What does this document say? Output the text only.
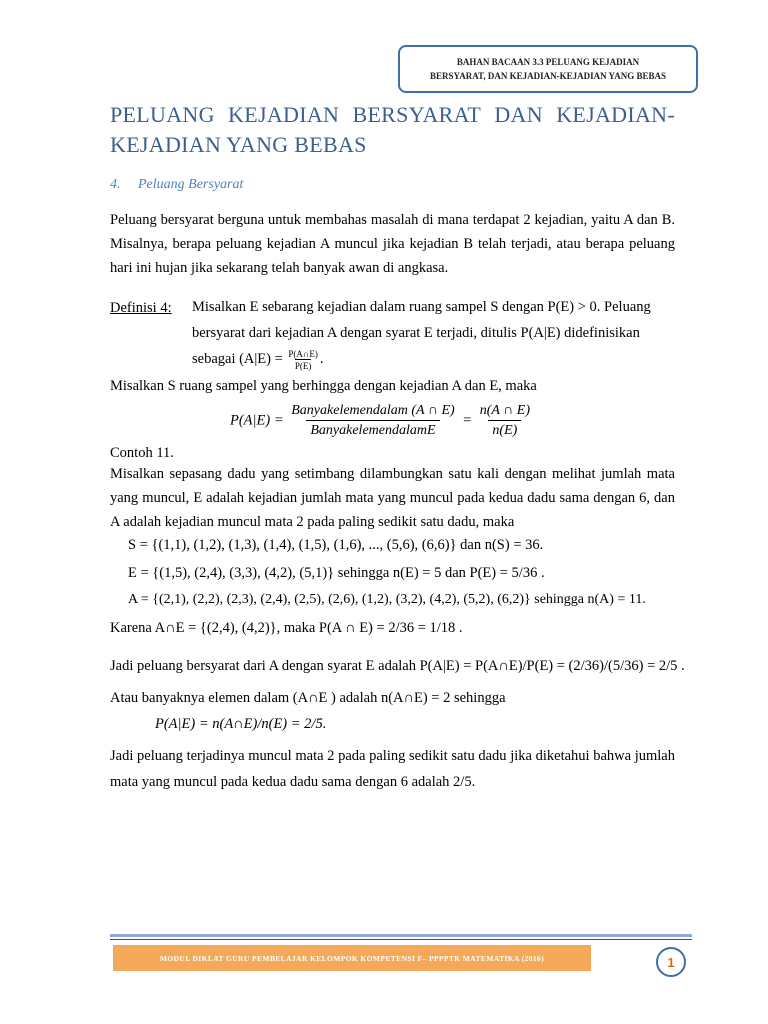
BAHAN BACAAN 3.3 PELUANG KEJADIAN
BERSYARAT, DAN KEJADIAN-KEJADIAN YANG BEBAS
PELUANG KEJADIAN BERSYARAT DAN KEJADIAN-
KEJADIAN YANG BEBAS
4. Peluang Bersyarat
Peluang bersyarat berguna untuk membahas masalah di mana terdapat 2 kejadian, yaitu A dan B. Misalnya, berapa peluang kejadian A muncul jika kejadian B telah terjadi, atau berapa peluang hari ini hujan jika sekarang telah banyak awan di angkasa.
Definisi 4: Misalkan E sebarang kejadian dalam ruang sampel S dengan P(E) > 0. Peluang
bersyarat dari kejadian A dengan syarat E terjadi, ditulis P(A|E) didefinisikan
sebagai $(A|E) = \frac{P(A\cap E)}{P(E)}$ .
Misalkan S ruang sampel yang berhingga dengan kejadian A dan E, maka
P(A|E) =
Banyakelemendalam (A ∩ E)
BanyakelemendalamE
= $\frac{n(A \cap E)}{n(E)}$
Contoh 11.
Misalkan sepasang dadu yang setimbang dilambungkan satu kali dengan melihat jumlah mata yang muncul, E adalah kejadian jumlah mata yang muncul pada kedua dadu sama dengan 6, dan A adalah kejadian muncul mata 2 pada paling sedikit satu dadu, maka
S = {(1,1), (1,2), (1,3), (1,4), (1,5), (1,6), ..., (5,6), (6,6)} dan n(S) = 36.
E = {(1,5), (2,4), (3,3), (4,2), (5,1)} sehingga n(E) = 5 dan P(E) = 5/36 .
A = {(2,1), (2,2), (2,3), (2,4), (2,5), (2,6), (1,2), (3,2), (4,2), (5,2), (6,2)} sehingga n(A) = 11.
Karena A∩E = {(2,4), (4,2)}, maka P(A ∩ E) = 2/36 = 1/18 .
Jadi peluang bersyarat dari A dengan syarat E adalah P(A|E) = P(A∩E)/P(E) = (2/36)/(5/36) = 2/5 .
Atau banyaknya elemen dalam (A∩E ) adalah n(A∩E) = 2 sehingga
P(A|E) = n(A∩E)/n(E) = 2/5.
Jadi peluang terjadinya muncul mata 2 pada paling sedikit satu dadu jika diketahui bahwa jumlah mata yang muncul pada kedua dadu sama dengan 6 adalah 2/5.
MODUL DIKLAT GURU PEMBELAJAR KELOMPOK KOMPETENSI F– PPPPTK MATEMATIKA (2016)	1
